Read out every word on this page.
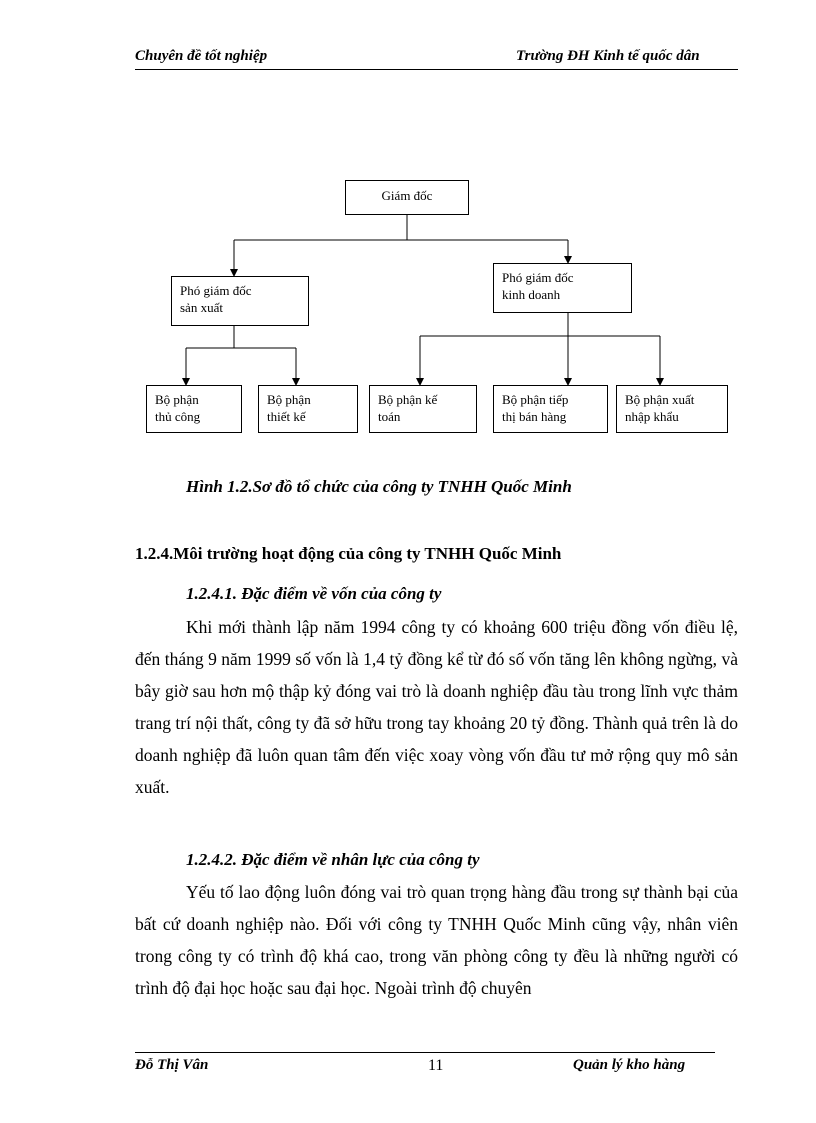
Chuyên đề tốt nghiệp	Trường ĐH Kinh tế quốc dân
Giám đốc
Phó giám đốc
sản xuất
Phó giám đốc
kinh doanh
Bộ phận
thủ công
Bộ phận
thiết kế
Bộ phận kế
toán
Bộ phận tiếp
thị bán hàng
Bộ phận xuất
nhập khẩu
Hình 1.2.Sơ đồ tổ chức của công ty TNHH Quốc Minh
1.2.4.Môi trường hoạt động của công ty TNHH Quốc Minh
1.2.4.1. Đặc điểm về vốn của công ty

Khi mới thành lập năm 1994 công ty có khoảng 600 triệu đồng vốn điều lệ, đến tháng 9 năm 1999 số vốn là 1,4 tỷ đồng kể từ đó số vốn tăng lên không ngừng, và bây giờ sau hơn mộ thập kỷ đóng vai trò là doanh nghiệp đầu tàu trong lĩnh vực thảm trang trí nội thất, công ty đã sở hữu trong tay khoảng 20 tỷ đồng. Thành quả trên là do doanh nghiệp đã luôn quan tâm đến việc xoay vòng vốn đầu tư mở rộng quy mô sản xuất.

1.2.4.2. Đặc điểm về nhân lực của công ty

Yếu tố lao động luôn đóng vai trò quan trọng hàng đầu trong sự thành bại của bất cứ doanh nghiệp nào. Đối với công ty TNHH Quốc Minh cũng vậy, nhân viên trong công ty có trình độ khá cao, trong văn phòng công ty đều là những người có trình độ đại học hoặc sau đại học. Ngoài trình độ chuyên

Đỗ Thị Vân	11	Quản lý kho hàng
